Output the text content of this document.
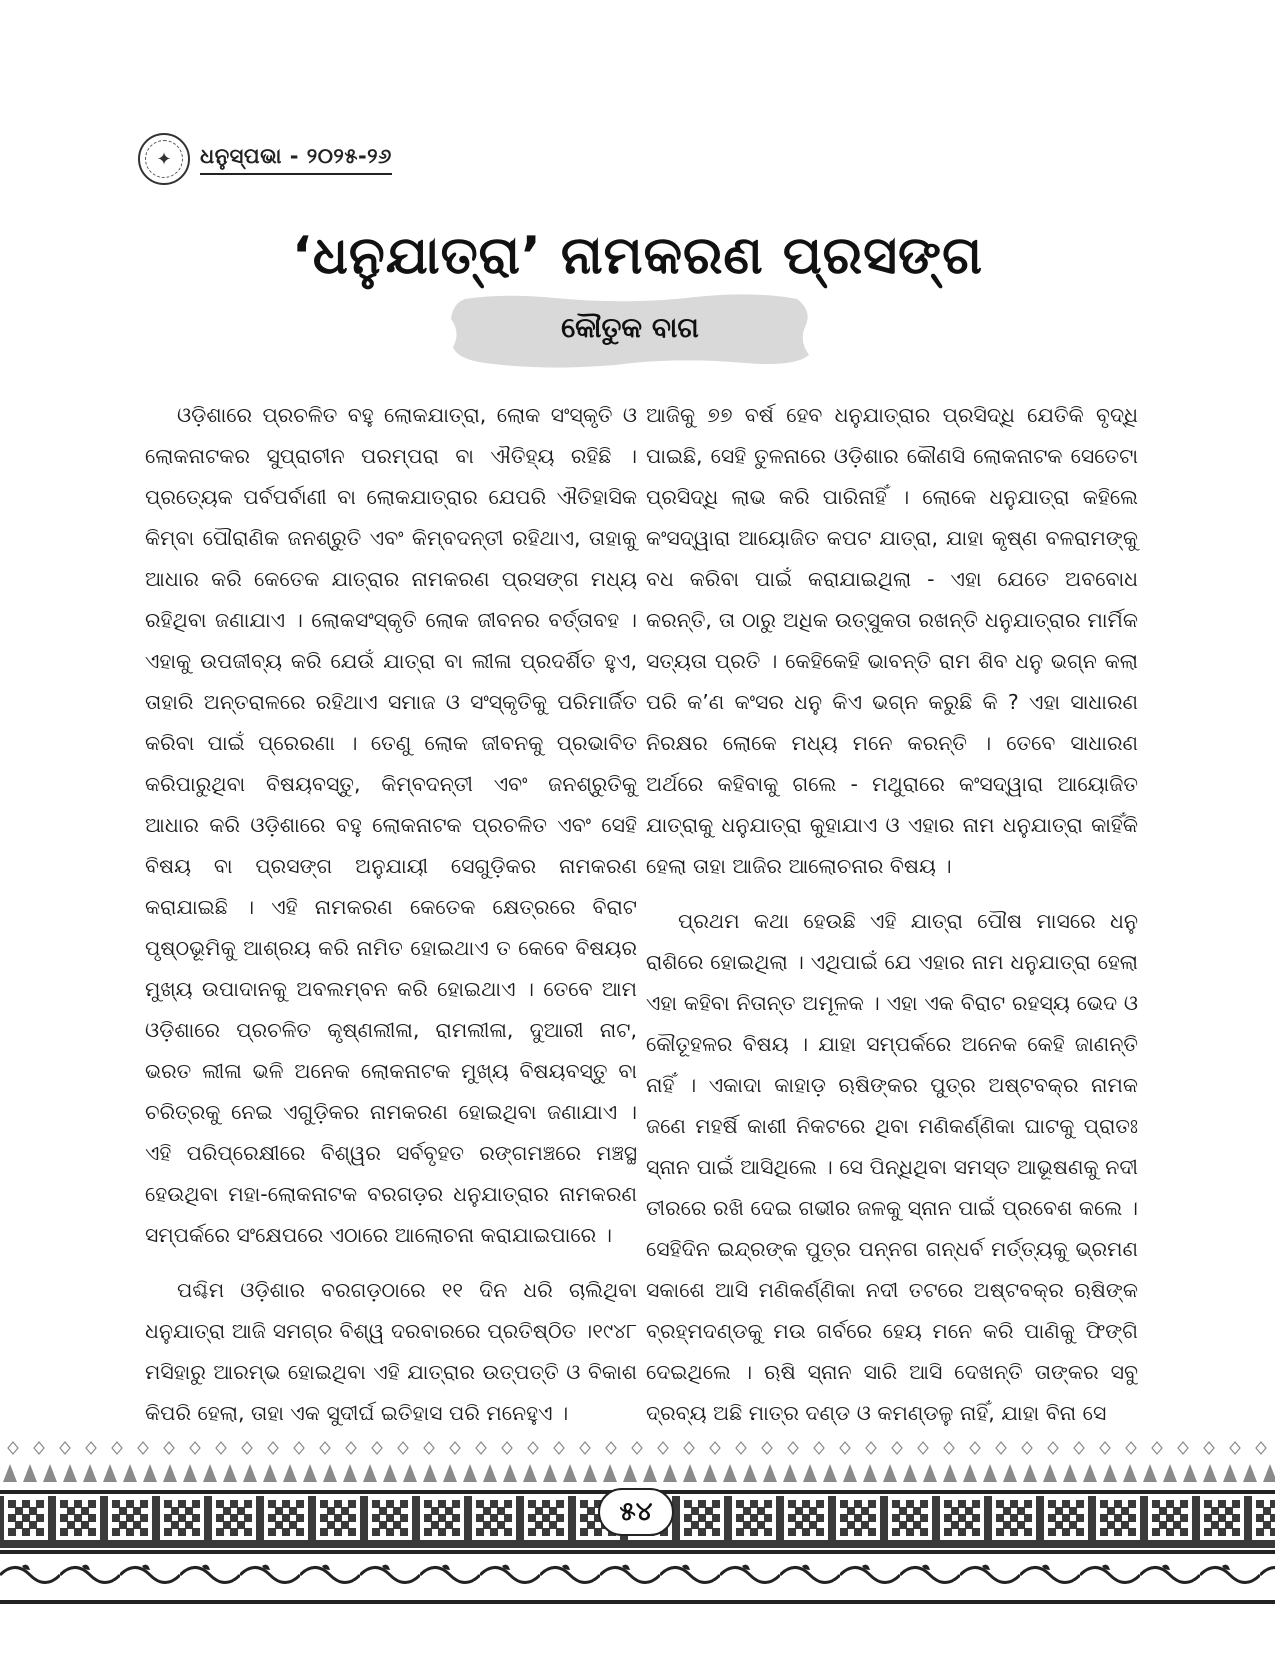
✦	ଧନୁସ୍ପଭା - ୨୦୨୫-୨୬
‘ଧନୁଯାତ୍ରା’ ନାମକରଣ ପ୍ରସଙ୍ଗ
କୌତୁକ ବାଗ

ଓଡ଼ିଶାରେ ପ୍ରଚଳିତ ବହୁ ଲୋକଯାତ୍ରା, ଲୋକ ସଂସ୍କୃତି ଓ ଲୋକନାଟକର ସୁପ୍ରାଚୀନ ପରମ୍ପରା ବା ଐତିହ୍ୟ ରହିଛି । ପ୍ରତ୍ୟେକ ପର୍ବପର୍ବାଣୀ ବା ଲୋକଯାତ୍ରାର ଯେପରି ଐତିହାସିକ କିମ୍ବା ପୌରାଣିକ ଜନଶ୍ରୁତି ଏବଂ କିମ୍ବଦନ୍ତୀ ରହିଥାଏ, ତାହାକୁ ଆଧାର କରି କେତେକ ଯାତ୍ରାର ନାମକରଣ ପ୍ରସଙ୍ଗ ମଧ୍ୟ ରହିଥିବା ଜଣାଯାଏ । ଲୋକସଂସ୍କୃତି ଲୋକ ଜୀବନର ବର୍ତ୍ତାବହ । ଏହାକୁ ଉପଜୀବ୍ୟ କରି ଯେଉଁ ଯାତ୍ରା ବା ଲୀଳା ପ୍ରଦର୍ଶିତ ହୁଏ, ତାହାରି ଅନ୍ତରାଳରେ ରହିଥାଏ ସମାଜ ଓ ସଂସ୍କୃତିକୁ ପରିମାର୍ଜିତ କରିବା ପାଇଁ ପ୍ରେରଣା । ତେଣୁ ଲୋକ ଜୀବନକୁ ପ୍ରଭାବିତ କରିପାରୁଥିବା ବିଷୟବସ୍ତୁ, କିମ୍ବଦନ୍ତୀ ଏବଂ ଜନଶ୍ରୁତିକୁ ଆଧାର କରି ଓଡ଼ିଶାରେ ବହୁ ଲୋକନାଟକ ପ୍ରଚଳିତ ଏବଂ ସେହି ବିଷୟ ବା ପ୍ରସଙ୍ଗ ଅନୁଯାୟୀ ସେଗୁଡ଼ିକର ନାମକରଣ କରାଯାଇଛି । ଏହି ନାମକରଣ କେତେକ କ୍ଷେତ୍ରରେ ବିରାଟ ପୃଷ୍ଠଭୂମିକୁ ଆଶ୍ରୟ କରି ନାମିତ ହୋଇଥାଏ ତ କେବେ ବିଷୟର ମୁଖ୍ୟ ଉପାଦାନକୁ ଅବଲମ୍ବନ କରି ହୋଇଥାଏ । ତେବେ ଆମ ଓଡ଼ିଶାରେ ପ୍ରଚଳିତ କୃଷ୍ଣଲୀଳା, ରାମଲୀଳା, ଦୁଆରୀ ନାଟ, ଭରତ ଲୀଳା ଭଳି ଅନେକ ଲୋକନାଟକ ମୁଖ୍ୟ ବିଷୟବସ୍ତୁ ବା ଚରିତ୍ରକୁ ନେଇ ଏଗୁଡ଼ିକର ନାମକରଣ ହୋଇଥିବା ଜଣାଯାଏ ।ଏହି ପରିପ୍ରେକ୍ଷୀରେ ବିଶ୍ୱର ସର୍ବବୃହତ ରଙ୍ଗମଞ୍ଚରେ ମଞ୍ଚସ୍ଥ ହେଉଥିବା ମହା-ଲୋକନାଟକ ବରଗଡ଼ର ଧନୁଯାତ୍ରାର ନାମକରଣ ସମ୍ପର୍କରେ ସଂକ୍ଷେପରେ ଏଠାରେ ଆଲୋଚନା କରାଯାଇପାରେ ।

ପଶ୍ଚିମ ଓଡ଼ିଶାର ବରଗଡ଼ଠାରେ ୧୧ ଦିନ ଧରି ଚାଲିଥିବା ଧନୁଯାତ୍ରା ଆଜି ସମଗ୍ର ବିଶ୍ୱ ଦରବାରରେ ପ୍ରତିଷ୍ଠିତ ।୧୯୪୮ ମସିହାରୁ ଆରମ୍ଭ ହୋଇଥିବା ଏହି ଯାତ୍ରାର ଉତ୍ପତ୍ତି ଓ ବିକାଶ କିପରି ହେଲା, ତାହା ଏକ ସୁଦୀର୍ଘ ଇତିହାସ ପରି ମନେହୁଏ ।

ଆଜିକୁ ୭୭ ବର୍ଷ ହେବ ଧନୁଯାତ୍ରାର ପ୍ରସିଦ୍ଧି ଯେତିକି ବୃଦ୍ଧି ପାଇଛି, ସେହି ତୁଳନାରେ ଓଡ଼ିଶାର କୌଣସି ଲୋକନାଟକ ସେତେଟା ପ୍ରସିଦ୍ଧି ଲାଭ କରି ପାରିନାହିଁ । ଲୋକେ ଧନୁଯାତ୍ରା କହିଲେ କଂସଦ୍ୱାରା ଆୟୋଜିତ କପଟ ଯାତ୍ରା, ଯାହା କୃଷ୍ଣ ବଳରାମଙ୍କୁ ବଧ କରିବା ପାଇଁ କରାଯାଇଥିଲା - ଏହା ଯେତେ ଅବବୋଧ କରନ୍ତି, ତା ଠାରୁ ଅଧିକ ଉତ୍ସୁକତା ରଖନ୍ତି ଧନୁଯାତ୍ରାର ମାର୍ମିକ ସତ୍ୟତା ପ୍ରତି । କେହିକେହି ଭାବନ୍ତି ରାମ ଶିବ ଧନୁ ଭଗ୍ନ କଲା ପରି କ’ଣ କଂସର ଧନୁ କିଏ ଭଗ୍ନ କରୁଛି କି ? ଏହା ସାଧାରଣ ନିରକ୍ଷର ଲୋକେ ମଧ୍ୟ ମନେ କରନ୍ତି । ତେବେ ସାଧାରଣ ଅର୍ଥରେ କହିବାକୁ ଗଲେ - ମଥୁରାରେ କଂସଦ୍ୱାରା ଆୟୋଜିତ ଯାତ୍ରାକୁ ଧନୁଯାତ୍ରା କୁହାଯାଏ ଓ ଏହାର ନାମ ଧନୁଯାତ୍ରା କାହିଁକି ହେଲା ତାହା ଆଜିର ଆଲୋଚନାର ବିଷୟ ।

ପ୍ରଥମ କଥା ହେଉଛି ଏହି ଯାତ୍ରା ପୌଷ ମାସରେ ଧନୁ ରାଶିରେ ହୋଇଥିଲା । ଏଥିପାଇଁ ଯେ ଏହାର ନାମ ଧନୁଯାତ୍ରା ହେଲା ଏହା କହିବା ନିତାନ୍ତ ଅମୂଳକ । ଏହା ଏକ ବିରାଟ ରହସ୍ୟ ଭେଦ ଓ କୌତୂହଳର ବିଷୟ । ଯାହା ସମ୍ପର୍କରେ ଅନେକ କେହି ଜାଣନ୍ତି ନାହିଁ । ଏକାଦା କାହାଡ଼ ଋଷିଙ୍କର ପୁତ୍ର ଅଷ୍ଟବକ୍ର ନାମକ ଜଣେ ମହର୍ଷି କାଶୀ ନିକଟରେ ଥିବା ମଣିକର୍ଣ୍ଣିକା ଘାଟକୁ ପ୍ରାତଃ ସ୍ନାନ ପାଇଁ ଆସିଥିଲେ । ସେ ପିନ୍ଧିଥିବା ସମସ୍ତ ଆଭୂଷଣକୁ ନଦୀ ତୀରରେ ରଖି ଦେଇ ଗଭୀର ଜଳକୁ ସ୍ନାନ ପାଇଁ ପ୍ରବେଶ କଲେ । ସେହିଦିନ ଇନ୍ଦ୍ରଙ୍କ ପୁତ୍ର ପନ୍ନଗ ଗନ୍ଧର୍ବ ମର୍ତ୍ତ୍ୟକୁ ଭ୍ରମଣ ସକାଶେ ଆସି ମଣିକର୍ଣ୍ଣିକା ନଦୀ ତଟରେ ଅଷ୍ଟବକ୍ର ଋଷିଙ୍କ ବ୍ରହ୍ମଦଣ୍ଡକୁ ମଉ ଗର୍ବରେ ହେୟ ମନେ କରି ପାଣିକୁ ଫିଙ୍ଗି ଦେଇଥିଲେ । ଋଷି ସ୍ନାନ ସାରି ଆସି ଦେଖନ୍ତି ତାଙ୍କର ସବୁ ଦ୍ରବ୍ୟ ଅଛି ମାତ୍ର ଦଣ୍ଡ ଓ କମଣ୍ଡଳୁ ନାହିଁ, ଯାହା ବିନା ସେ

୫୪
